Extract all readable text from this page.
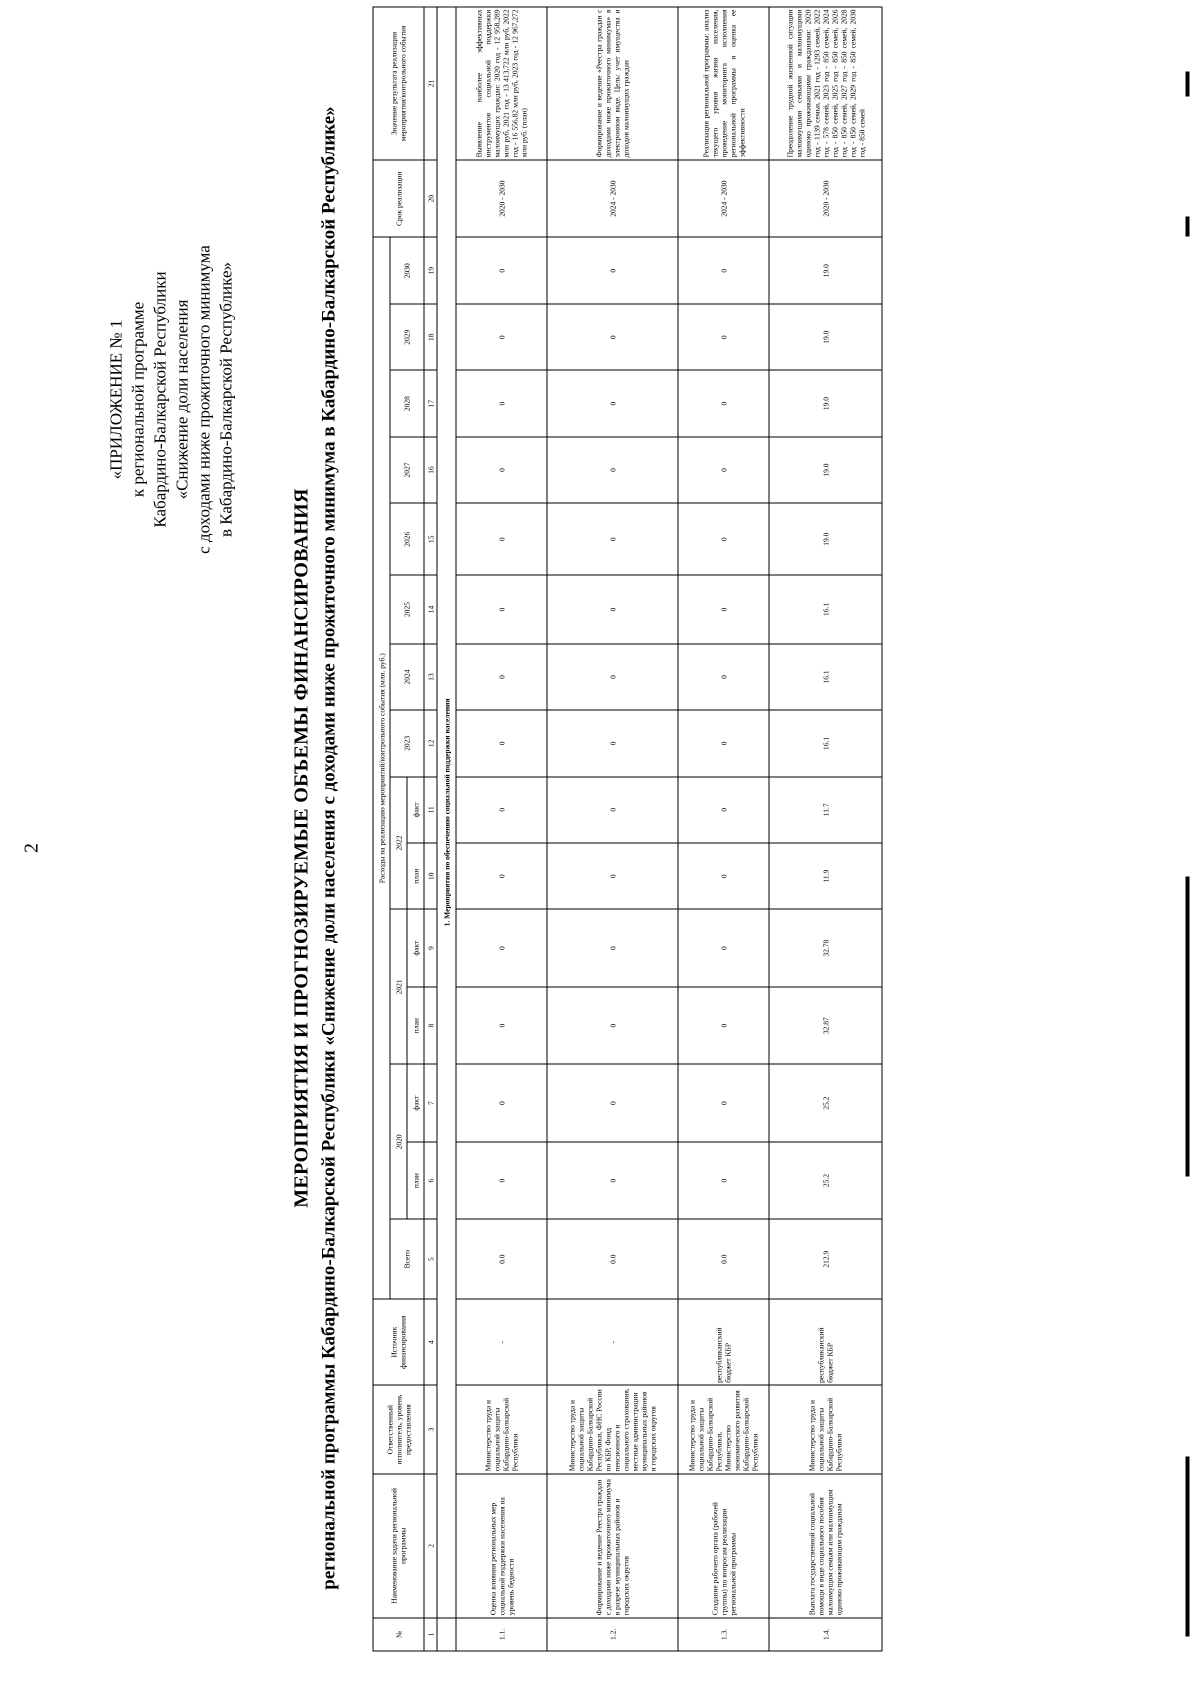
2
«ПРИЛОЖЕНИЕ № 1 к региональной программе Кабардино-Балкарской Республики «Снижение доли населения с доходами ниже прожиточного минимума в Кабардино-Балкарской Республике»
МЕРОПРИЯТИЯ И ПРОГНОЗИРУЕМЫЕ ОБЪЕМЫ ФИНАНСИРОВАНИЯ региональной программы Кабардино-Балкарской Республики «Снижение доли населения с доходами ниже прожиточного минимума в Кабардино-Балкарской Республике»
№	Наименование задачи региональной программы	Ответственный исполнитель, уровень предоставления	Источник финансирования	Расходы на реализацию мероприятий/контрольного события (млн. руб.)															Срок реализации	Значение результата реализации мероприятия/контрольного события
				Всего	2020		2021		2022		2023	2024	2025	2026	2027	2028	2029	2030		
					план	факт	план	факт	план	факт										
1	2	3	4	5	6	7	8	9	10	11	12	13	14	15	16	17	18	19	20	21
	1. Мероприятия по обеспечению социальной поддержки населения																			
1.1.	Оценка влияния региональных мер социальной поддержки населения на уровень бедности	Министерство труда и социальной защиты Кабардино-Балкарской Республики	-	0.0	0	0	0	0	0	0	0	0	0	0	0	0	0	0	2020 - 2030	Выявление наиболее эффективных инструментов социальной поддержки малоимущих граждан: 2020 год - 12 958,289 млн руб, 2021 год - 13 413,722 млн руб, 2022 год - 16 556,82 млн руб, 2023 год - 12 967,272 млн руб. (план)
1.2.	Формирование и ведение Реестра граждан с доходами ниже прожиточного минимума в разрезе муниципальных районов и городских округов	Министерство труда и социальной защиты Кабардино-Балкарской Республики, ФНС России по КБР, Фонд пенсионного и социального страхования, местные администрации муниципальных районов и городских округов	-	0.0	0	0	0	0	0	0	0	0	0	0	0	0	0	0	2024 - 2030	Формирование и ведение «Реестра граждан с доходами ниже прожиточного минимума» в электронном виде. Цель: учет имущества и доходов малоимущих граждан
1.3.	Создание рабочего органа (рабочей группы) по вопросам реализации региональной программы	Министерство труда и социальной защиты Кабардино-Балкарской Республики, Министерство экономического развития Кабардино-Балкарской Республики	республиканский бюджет КБР	0.0	0	0	0	0	0	0	0	0	0	0	0	0	0	0	2024 - 2030	Реализация региональной программы: анализ текущего уровня жизни населения, проведение мониторинга исполнения региональной программы и оценка ее эффективности
1.4.	Выплата государственной социальной помощи в виде социального пособия малоимущим семьям или малоимущим одиноко проживающим гражданам	Министерство труда и социальной защиты Кабардино-Балкарской Республики	республиканский бюджет КБР	212.9	25.2	25.2	32.87	32.78	11.9	11.7	16.1	16.1	16.1	19.0	19.0	19.0	19.0	19.0	2020 - 2030	Преодоление трудной жизненной ситуации малоимущими семьями и малоимущими одиноко проживающими гражданами: 2020 год - 1139 семьи, 2021 год - 1293 семей, 2022 год - 578 семей, 2023 год - 850 семей, 2024 год - 850 семей, 2025 год - 850 семей, 2026 год - 850 семей, 2027 год - 850 семей, 2028 год - 850 семей, 2029 год - 850 семей, 2030 год - 850 семей
